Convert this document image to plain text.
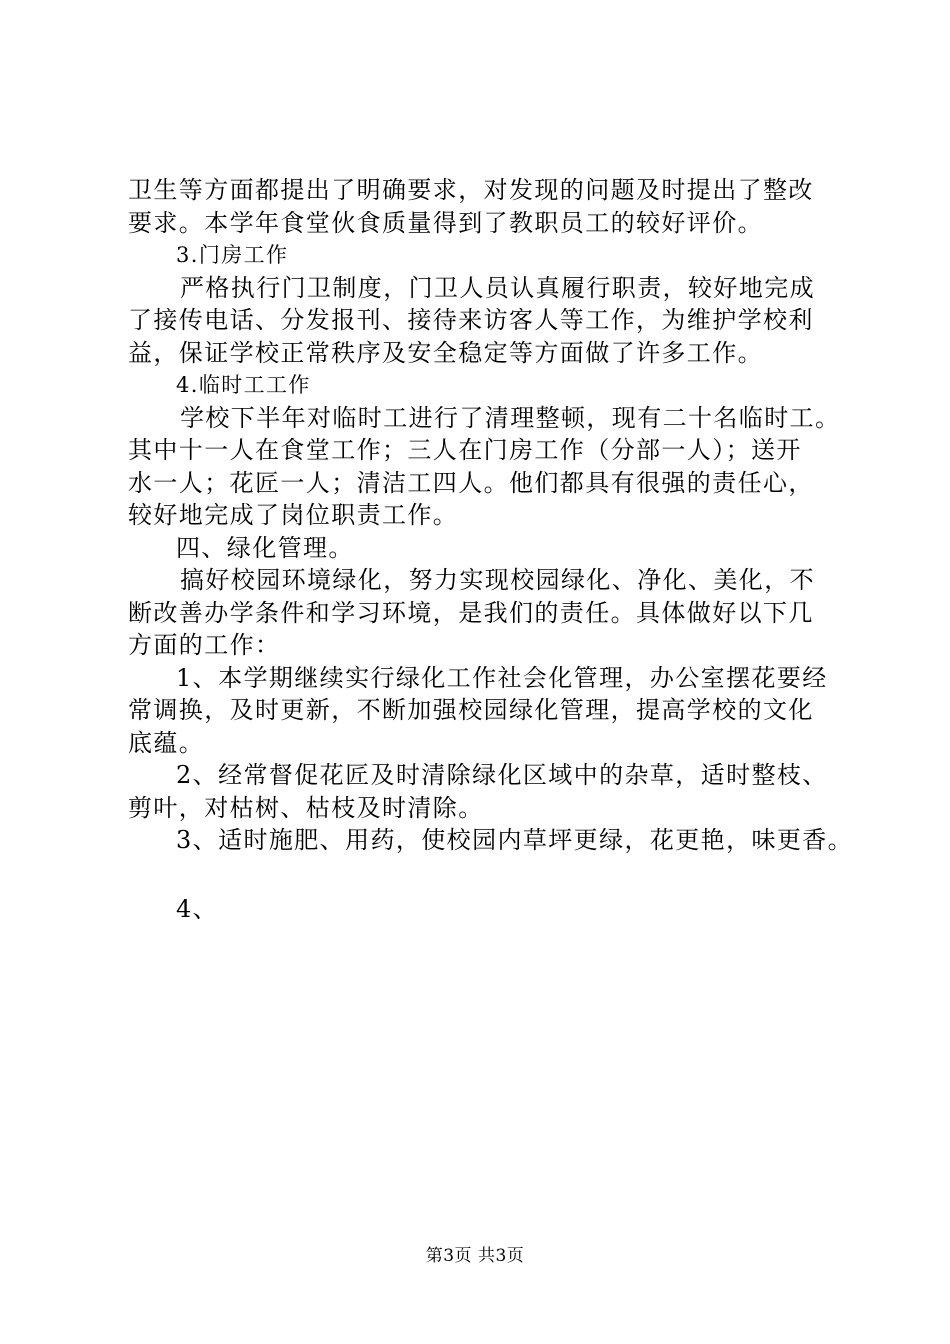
卫生等方面都提出了明确要求，对发现的问题及时提出了整改
要求。本学年食堂伙食质量得到了教职员工的较好评价。
3.门房工作
严格执行门卫制度，门卫人员认真履行职责，较好地完成
了接传电话、分发报刊、接待来访客人等工作，为维护学校利
益，保证学校正常秩序及安全稳定等方面做了许多工作。
4.临时工工作
学校下半年对临时工进行了清理整顿，现有二十名临时工。
其中十一人在食堂工作；三人在门房工作（分部一人）；送开
水一人；花匠一人；清洁工四人。他们都具有很强的责任心，
较好地完成了岗位职责工作。
四、绿化管理。
搞好校园环境绿化，努力实现校园绿化、净化、美化，不
断改善办学条件和学习环境，是我们的责任。具体做好以下几
方面的工作：
1、本学期继续实行绿化工作社会化管理，办公室摆花要经
常调换，及时更新，不断加强校园绿化管理，提高学校的文化
底蕴。
2、经常督促花匠及时清除绿化区域中的杂草，适时整枝、
剪叶，对枯树、枯枝及时清除。
3、适时施肥、用药，使校园内草坪更绿，花更艳，味更香。
4、
第3页 共3页
